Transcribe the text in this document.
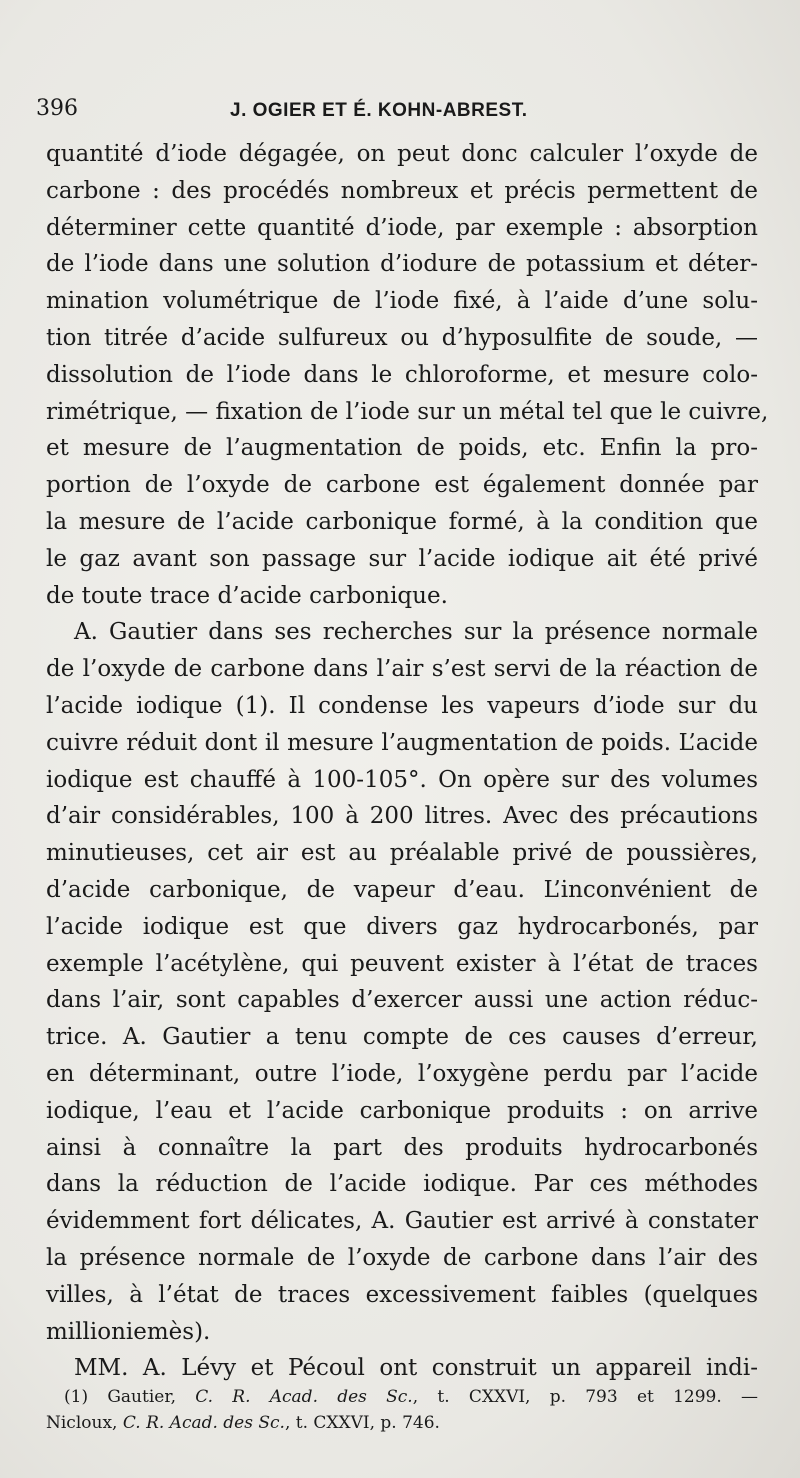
396	J. OGIER ET É. KOHN-ABREST.
quantité d’iode dégagée, on peut donc calculer l’oxyde de
carbone : des procédés nombreux et précis permettent de
déterminer cette quantité d’iode, par exemple : absorption
de l’iode dans une solution d’iodure de potassium et déter-
mination volumétrique de l’iode fixé, à l’aide d’une solu-
tion titrée d’acide sulfureux ou d’hyposulfite de soude, —
dissolution de l’iode dans le chloroforme, et mesure colo-
rimétrique, — fixation de l’iode sur un métal tel que le cuivre,
et mesure de l’augmentation de poids, etc. Enfin la pro-
portion de l’oxyde de carbone est également donnée par
la mesure de l’acide carbonique formé, à la condition que
le gaz avant son passage sur l’acide iodique ait été privé
de toute trace d’acide carbonique.
A. Gautier dans ses recherches sur la présence normale
de l’oxyde de carbone dans l’air s’est servi de la réaction de
l’acide iodique (1). Il condense les vapeurs d’iode sur du
cuivre réduit dont il mesure l’augmentation de poids. L’acide
iodique est chauffé à 100-105°. On opère sur des volumes
d’air considérables, 100 à 200 litres. Avec des précautions
minutieuses, cet air est au préalable privé de poussières,
d’acide carbonique, de vapeur d’eau. L’inconvénient de
l’acide iodique est que divers gaz hydrocarbonés, par
exemple l’acétylène, qui peuvent exister à l’état de traces
dans l’air, sont capables d’exercer aussi une action réduc-
trice. A. Gautier a tenu compte de ces causes d’erreur,
en déterminant, outre l’iode, l’oxygène perdu par l’acide
iodique, l’eau et l’acide carbonique produits : on arrive
ainsi à connaître la part des produits hydrocarbonés
dans la réduction de l’acide iodique. Par ces méthodes
évidemment fort délicates, A. Gautier est arrivé à constater
la présence normale de l’oxyde de carbone dans l’air des
villes, à l’état de traces excessivement faibles (quelques
millioniemès).
MM. A. Lévy et Pécoul ont construit un appareil indi-
(1) Gautier, C. R. Acad. des Sc., t. CXXVI, p. 793 et 1299. —
Nicloux, C. R. Acad. des Sc., t. CXXVI, p. 746.
